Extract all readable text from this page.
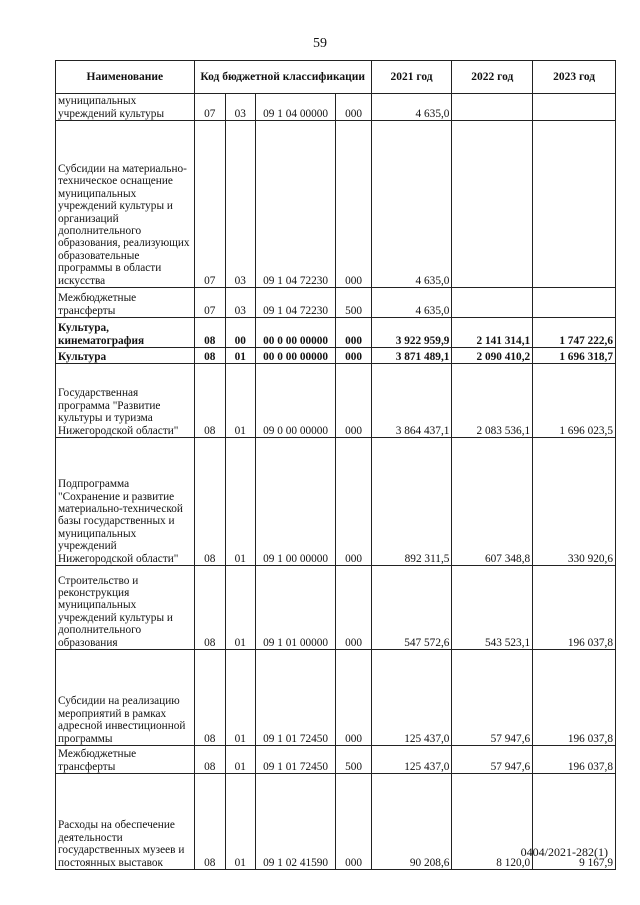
59
Наименование	Код бюджетной классификации				2021 год	2022 год	2023 год
муниципальных учреждений культуры	07	03	09 1 04 00000	000	4 635,0		
Субсидии на материально-техническое оснащение муниципальных учреждений культуры и организаций дополнительного образования, реализующих образовательные программы в области искусства	07	03	09 1 04 72230	000	4 635,0		
Межбюджетные трансферты	07	03	09 1 04 72230	500	4 635,0		
Культура, кинематография	08	00	00 0 00 00000	000	3 922 959,9	2 141 314,1	1 747 222,6
Культура	08	01	00 0 00 00000	000	3 871 489,1	2 090 410,2	1 696 318,7
Государственная программа "Развитие культуры и туризма Нижегородской области"	08	01	09 0 00 00000	000	3 864 437,1	2 083 536,1	1 696 023,5
Подпрограмма "Сохранение и развитие материально-технической базы государственных и муниципальных учреждений Нижегородской области"	08	01	09 1 00 00000	000	892 311,5	607 348,8	330 920,6
Строительство и реконструкция муниципальных учреждений культуры и дополнительного образования	08	01	09 1 01 00000	000	547 572,6	543 523,1	196 037,8
Субсидии на реализацию мероприятий в рамках адресной инвестиционной программы	08	01	09 1 01 72450	000	125 437,0	57 947,6	196 037,8
Межбюджетные трансферты	08	01	09 1 01 72450	500	125 437,0	57 947,6	196 037,8
Расходы на обеспечение деятельности государственных музеев и постоянных выставок	08	01	09 1 02 41590	000	90 208,6	8 120,0	9 167,9
0404/2021-282(1)
